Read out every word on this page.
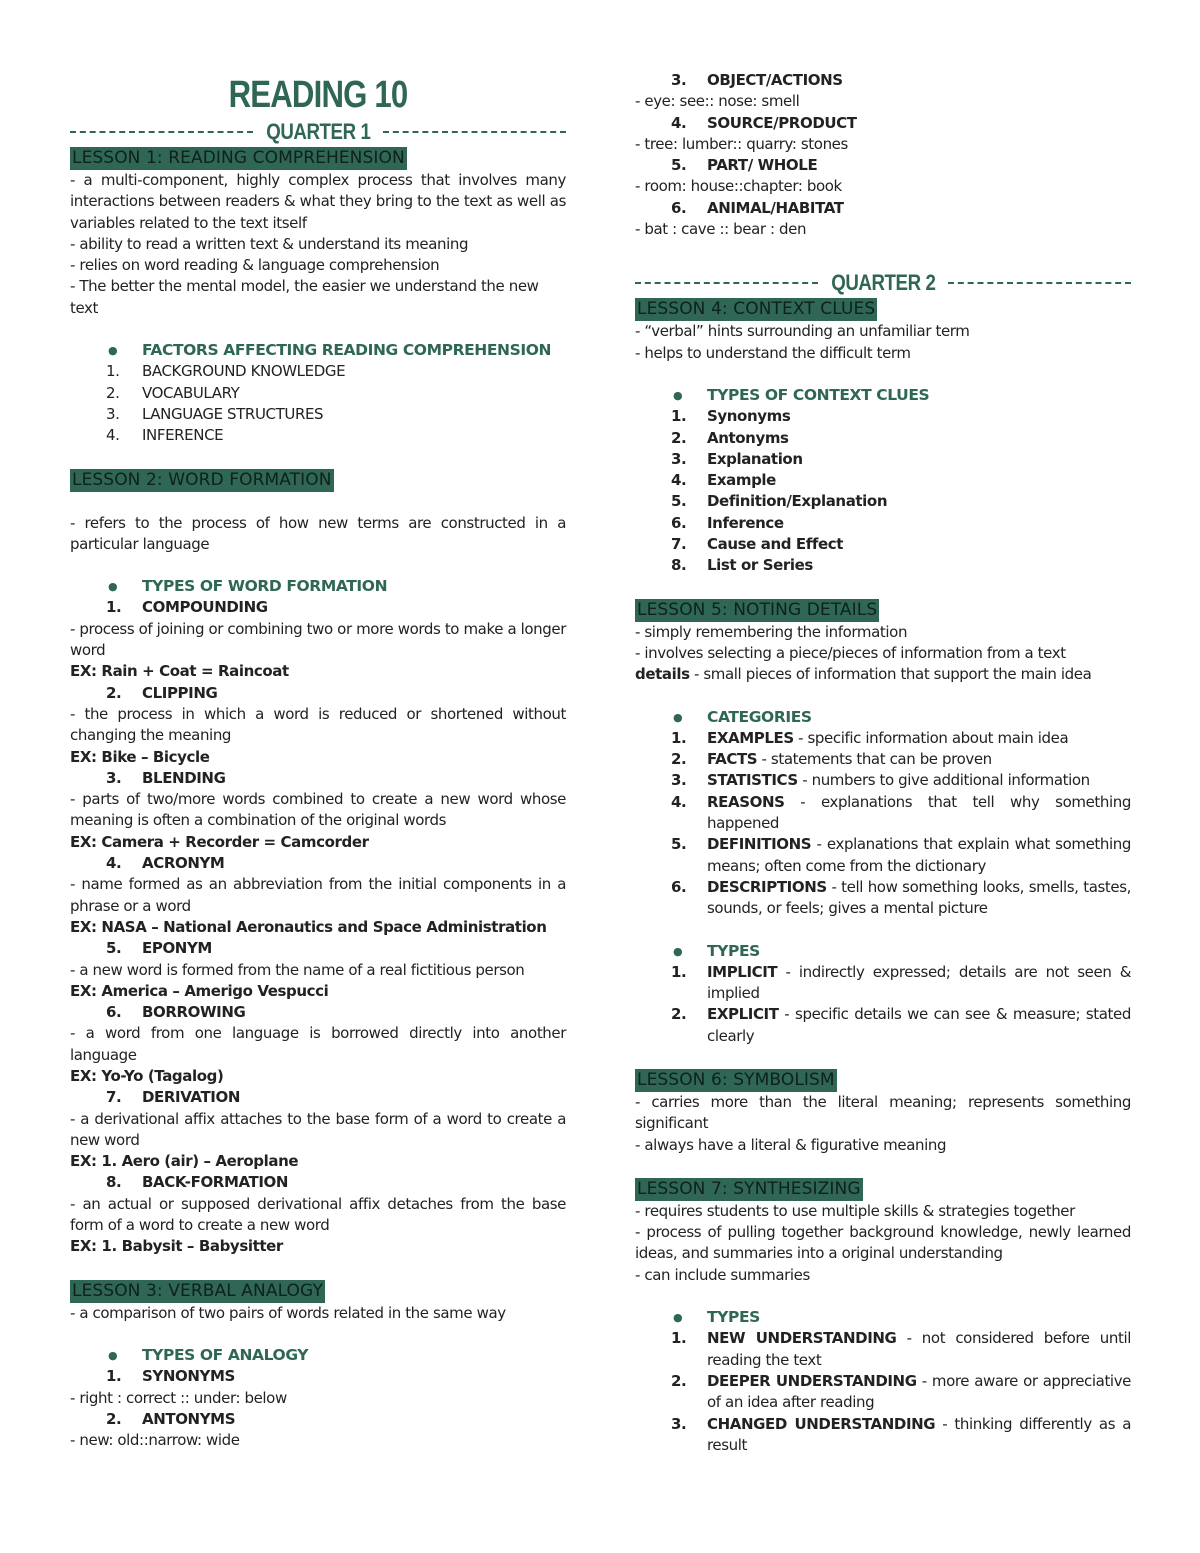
READING 10
QUARTER 1
LESSON 1: READING COMPREHENSION

- a multi-component, highly complex process that involves many interactions between readers & what they bring to the text as well as variables related to the text itself

- ability to read a written text & understand its meaning

- relies on word reading & language comprehension

- The better the mental model, the easier we understand the new text

●	FACTORS AFFECTING READING COMPREHENSION
1.	BACKGROUND KNOWLEDGE
2.	VOCABULARY
3.	LANGUAGE STRUCTURES
4.	INFERENCE
LESSON 2: WORD FORMATION

- refers to the process of how new terms are constructed in a particular language

●	TYPES OF WORD FORMATION
1.	COMPOUNDING

- process of joining or combining two or more words to make a longer word

EX: Rain + Coat = Raincoat

2.	CLIPPING

- the process in which a word is reduced or shortened without changing the meaning

EX: Bike – Bicycle

3.	BLENDING

- parts of two/more words combined to create a new word whose meaning is often a combination of the original words

EX: Camera + Recorder = Camcorder

4.	ACRONYM

- name formed as an abbreviation from the initial components in a phrase or a word

EX: NASA – National Aeronautics and Space Administration

5.	EPONYM

- a new word is formed from the name of a real fictitious person

EX: America – Amerigo Vespucci

6.	BORROWING

- a word from one language is borrowed directly into another language

EX: Yo-Yo (Tagalog)

7.	DERIVATION

- a derivational affix attaches to the base form of a word to create a new word

EX: 1. Aero (air) – Aeroplane

8.	BACK-FORMATION

- an actual or supposed derivational affix detaches from the base form of a word to create a new word

EX: 1. Babysit – Babysitter

LESSON 3: VERBAL ANALOGY

- a comparison of two pairs of words related in the same way

●	TYPES OF ANALOGY
1.	SYNONYMS

- right : correct :: under: below

2.	ANTONYMS

- new: old::narrow: wide

3.	OBJECT/ACTIONS

- eye: see:: nose: smell

4.	SOURCE/PRODUCT

- tree: lumber:: quarry: stones

5.	PART/ WHOLE

- room: house::chapter: book

6.	ANIMAL/HABITAT

- bat : cave :: bear : den

QUARTER 2
LESSON 4: CONTEXT CLUES

- “verbal” hints surrounding an unfamiliar term

- helps to understand the difficult term

●	TYPES OF CONTEXT CLUES
1.	Synonyms
2.	Antonyms
3.	Explanation
4.	Example
5.	Definition/Explanation
6.	Inference
7.	Cause and Effect
8.	List or Series
LESSON 5: NOTING DETAILS

- simply remembering the information

- involves selecting a piece/pieces of information from a text

details - small pieces of information that support the main idea

●	CATEGORIES
1.	EXAMPLES - specific information about main idea
2.	FACTS - statements that can be proven
3.	STATISTICS - numbers to give additional information
4.	REASONS - explanations that tell why something happened
5.	DEFINITIONS - explanations that explain what something means; often come from the dictionary
6.	DESCRIPTIONS - tell how something looks, smells, tastes, sounds, or feels; gives a mental picture
●	TYPES
1.	IMPLICIT - indirectly expressed; details are not seen & implied
2.	EXPLICIT - specific details we can see & measure; stated clearly
LESSON 6: SYMBOLISM

- carries more than the literal meaning; represents something significant

- always have a literal & figurative meaning

LESSON 7: SYNTHESIZING

- requires students to use multiple skills & strategies together

- process of pulling together background knowledge, newly learned ideas, and summaries into a original understanding

- can include summaries

●	TYPES
1.	NEW UNDERSTANDING - not considered before until reading the text
2.	DEEPER UNDERSTANDING - more aware or appreciative of an idea after reading
3.	CHANGED UNDERSTANDING - thinking differently as a result
